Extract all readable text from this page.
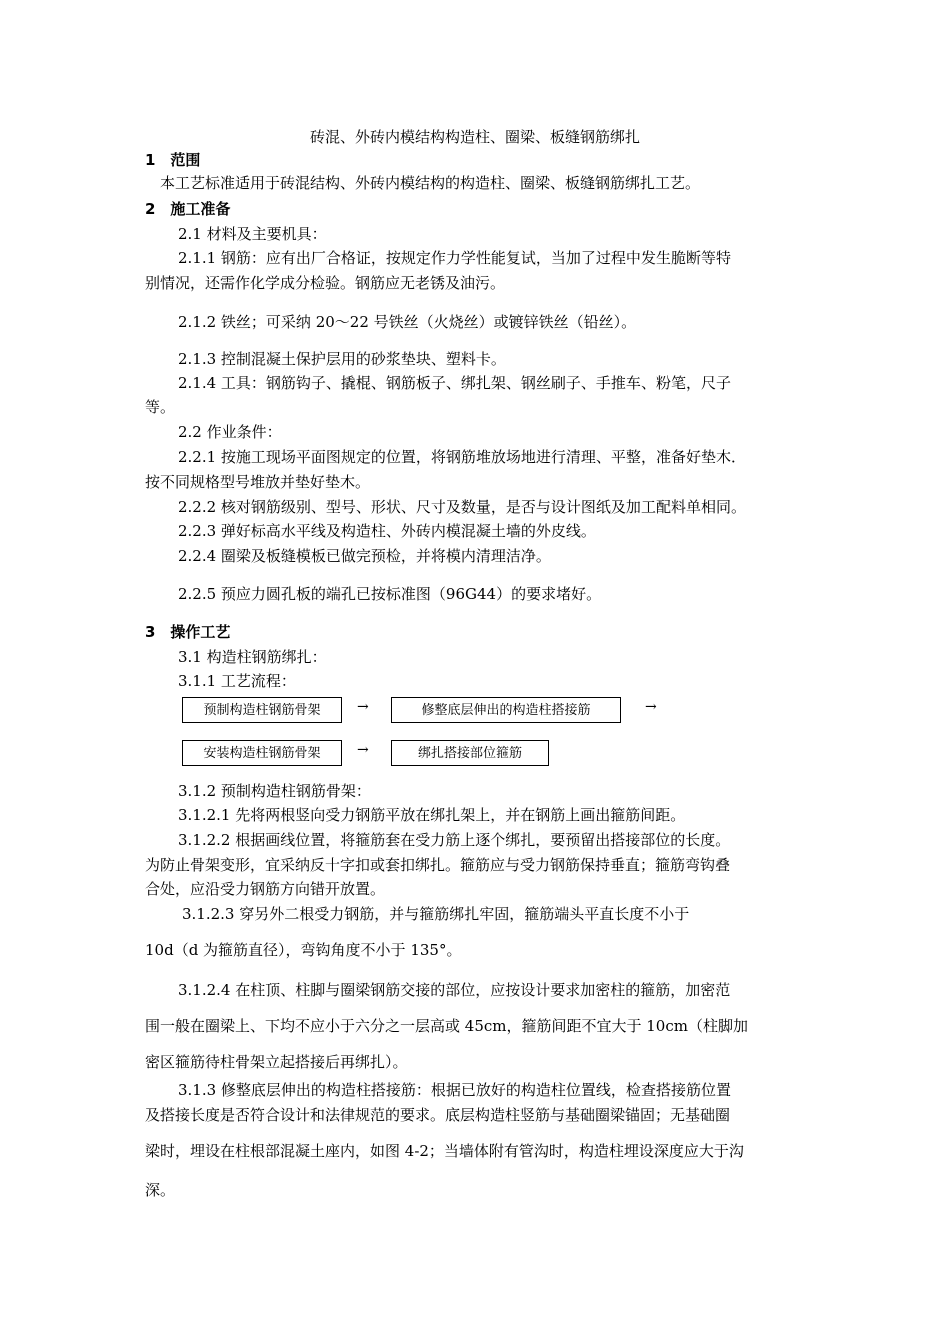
砖混、外砖内模结构构造柱、圈梁、板缝钢筋绑扎
1　范围
本工艺标准适用于砖混结构、外砖内模结构的构造柱、圈梁、板缝钢筋绑扎工艺。
2　施工准备
2.1 材料及主要机具：
2.1.1 钢筋：应有出厂合格证，按规定作力学性能复试，当加了过程中发生脆断等特
别情况，还需作化学成分检验。钢筋应无老锈及油污。
2.1.2 铁丝；可采纳 20～22 号铁丝（火烧丝）或镀锌铁丝（铅丝）。
2.1.3 控制混凝土保护层用的砂浆垫块、塑料卡。
2.1.4 工具：钢筋钩子、撬棍、钢筋板子、绑扎架、钢丝刷子、手推车、粉笔，尺子
等。
2.2 作业条件：
2.2.1 按施工现场平面图规定的位置，将钢筋堆放场地进行清理、平整，准备好垫木．
按不同规格型号堆放并垫好垫木。
2.2.2 核对钢筋级别、型号、形状、尺寸及数量，是否与设计图纸及加工配料单相同。
2.2.3 弹好标高水平线及构造柱、外砖内模混凝土墙的外皮线。
2.2.4 圈梁及板缝模板已做完预检，并将模内清理洁净。
2.2.5 预应力圆孔板的端孔已按标准图（96G44）的要求堵好。
3　操作工艺
3.1 构造柱钢筋绑扎：
3.1.1 工艺流程：
预制构造柱钢筋骨架	→	修整底层伸出的构造柱搭接筋	→
安装构造柱钢筋骨架	→	绑扎搭接部位箍筋
3.1.2 预制构造柱钢筋骨架：
3.1.2.1 先将两根竖向受力钢筋平放在绑扎架上，并在钢筋上画出箍筋间距。
3.1.2.2 根据画线位置，将箍筋套在受力筋上逐个绑扎，要预留出搭接部位的长度。
为防止骨架变形，宜采纳反十字扣或套扣绑扎。箍筋应与受力钢筋保持垂直；箍筋弯钩叠
合处，应沿受力钢筋方向错开放置。
3.1.2.3 穿另外二根受力钢筋，并与箍筋绑扎牢固，箍筋端头平直长度不小于
10d（d 为箍筋直径），弯钩角度不小于 135°。
3.1.2.4 在柱顶、柱脚与圈梁钢筋交接的部位，应按设计要求加密柱的箍筋，加密范
围一般在圈梁上、下均不应小于六分之一层高或 45cm，箍筋间距不宜大于 10cm（柱脚加
密区箍筋待柱骨架立起搭接后再绑扎）。
3.1.3 修整底层伸出的构造柱搭接筋：根据已放好的构造柱位置线，检查搭接筋位置
及搭接长度是否符合设计和法律规范的要求。底层构造柱竖筋与基础圈梁锚固；无基础圈
梁时，埋设在柱根部混凝土座内，如图 4-2；当墙体附有管沟时，构造柱埋设深度应大于沟
深。
